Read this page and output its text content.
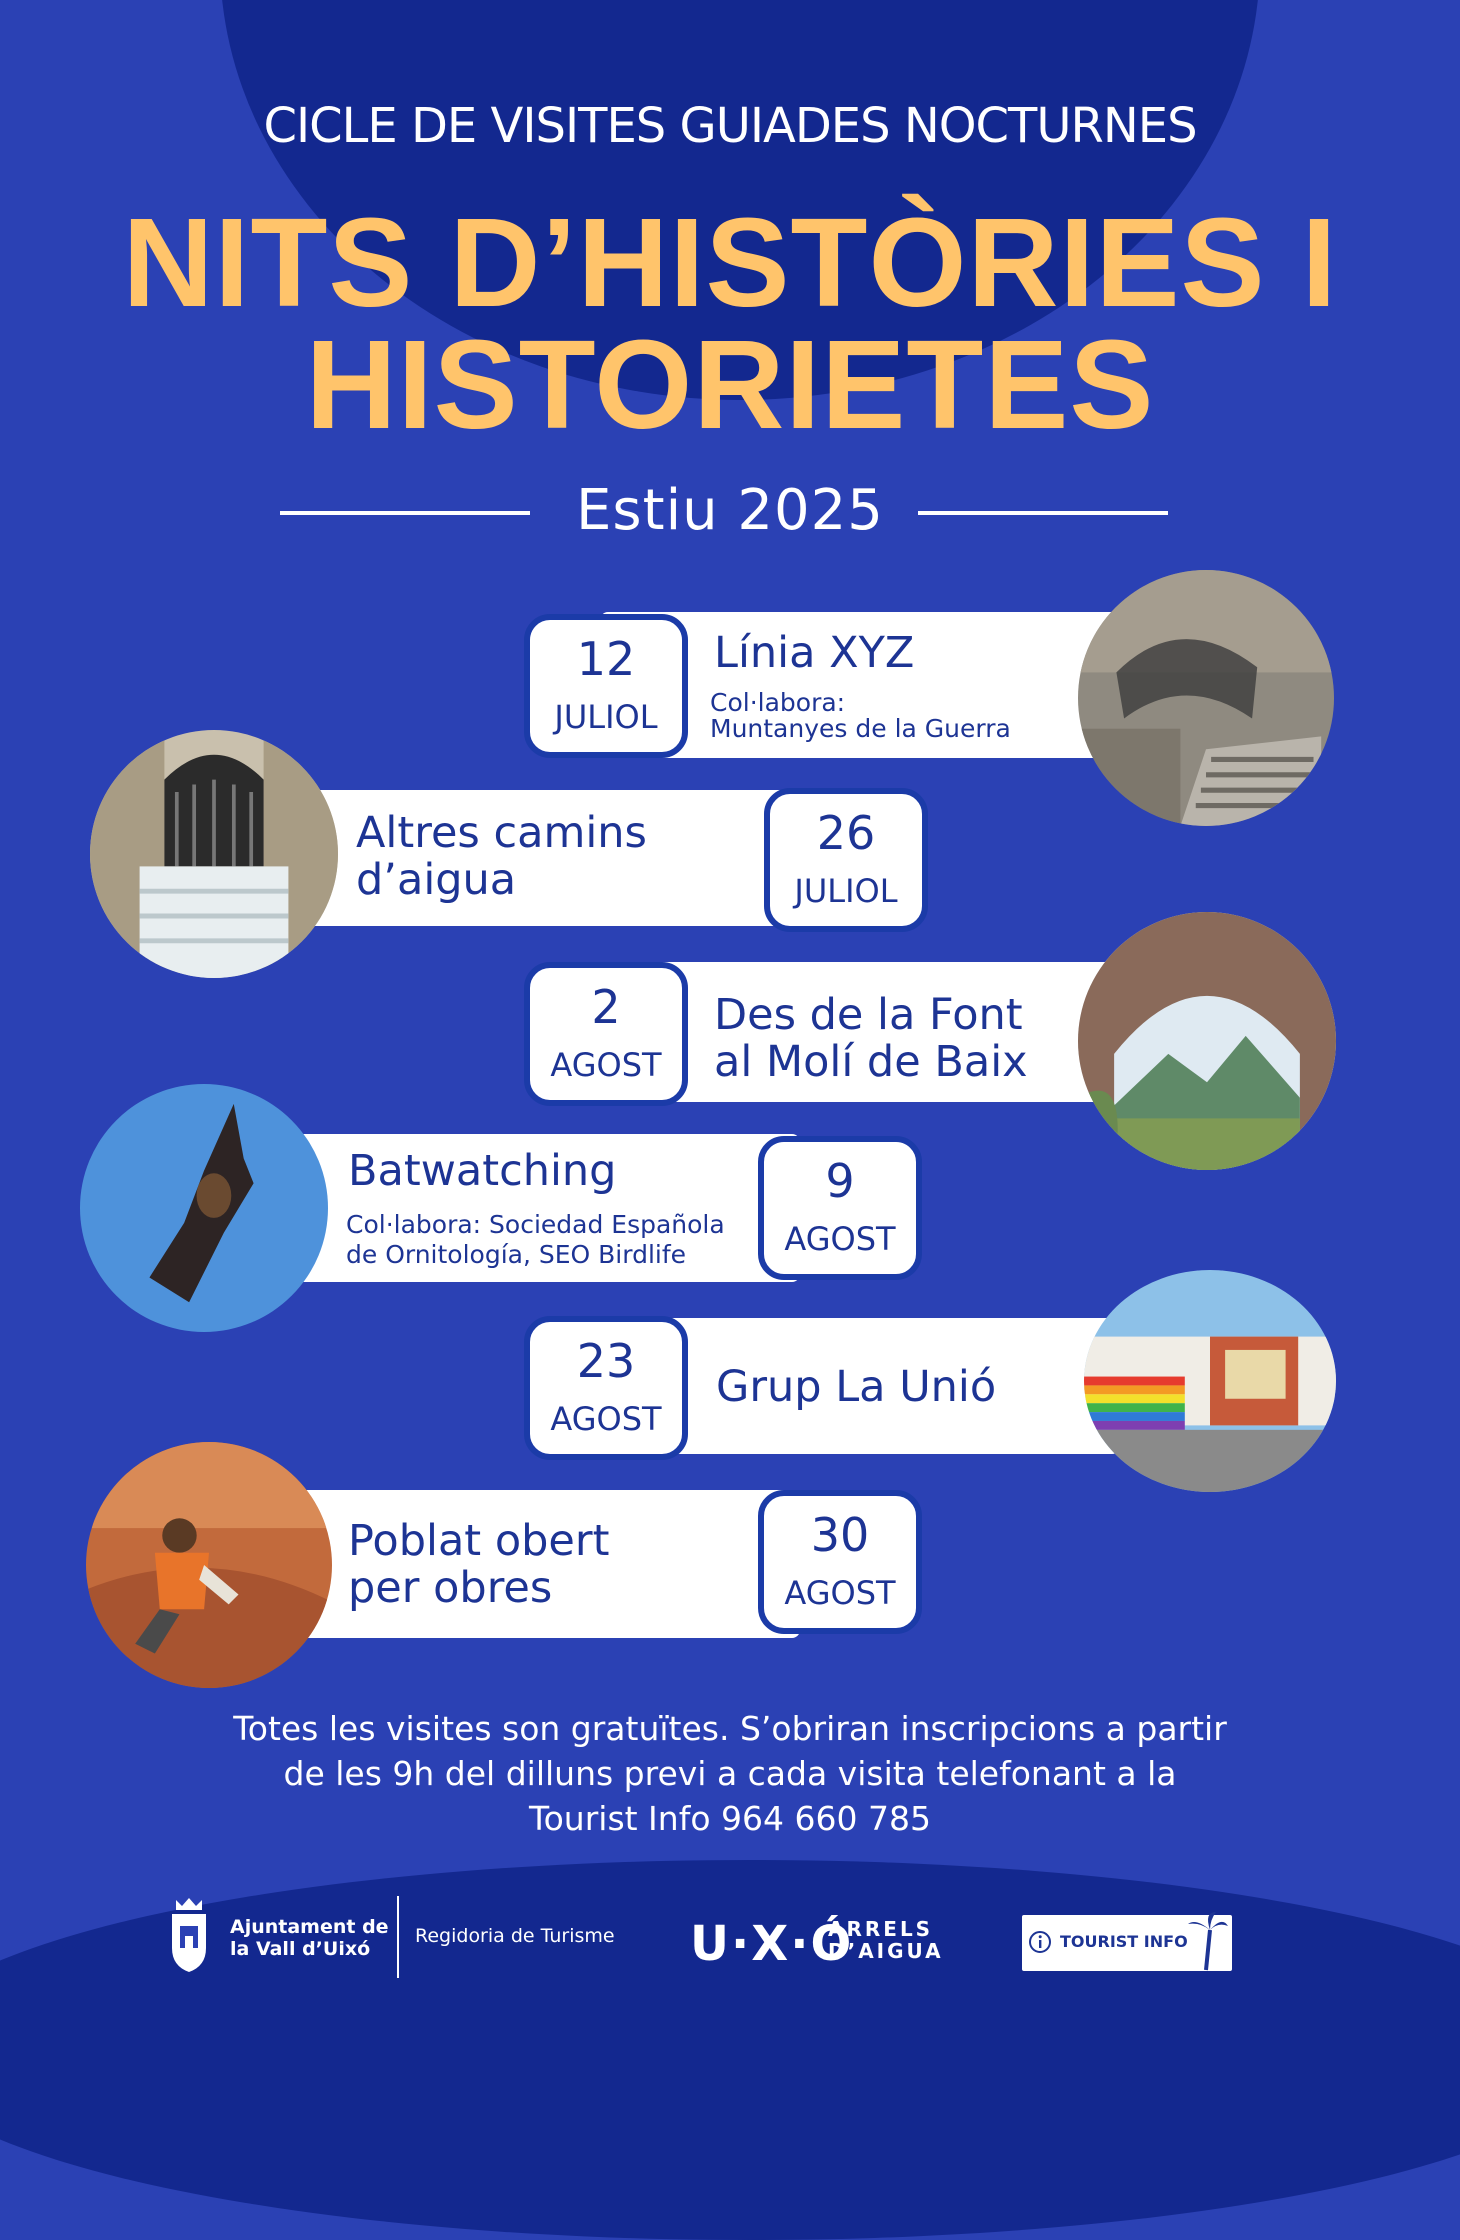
CICLE DE VISITES GUIADES NOCTURNES
NITS D’HISTÒRIES I
HISTORIETES
Estiu 2025
12
JULIOL
Línia XYZ
Col·labora:
Muntanyes de la Guerra
26
JULIOL
Altres camins
d’aigua
2
AGOST
Des de la Font
al Molí de Baix
9
AGOST
Batwatching
Col·labora: Sociedad Española
de Ornitología, SEO Birdlife
23
AGOST
Grup La Unió
30
AGOST
Poblat obert
per obres
Totes les visites son gratuïtes. S’obriran inscripcions a partir
de les 9h del dilluns previ a cada visita telefonant a la
Tourist Info 964 660 785
Ajuntament de
la Vall d’Uixó
Regidoria de Turisme U·X·Ó
ARRELS
D’AIGUA	TOURIST INFO
